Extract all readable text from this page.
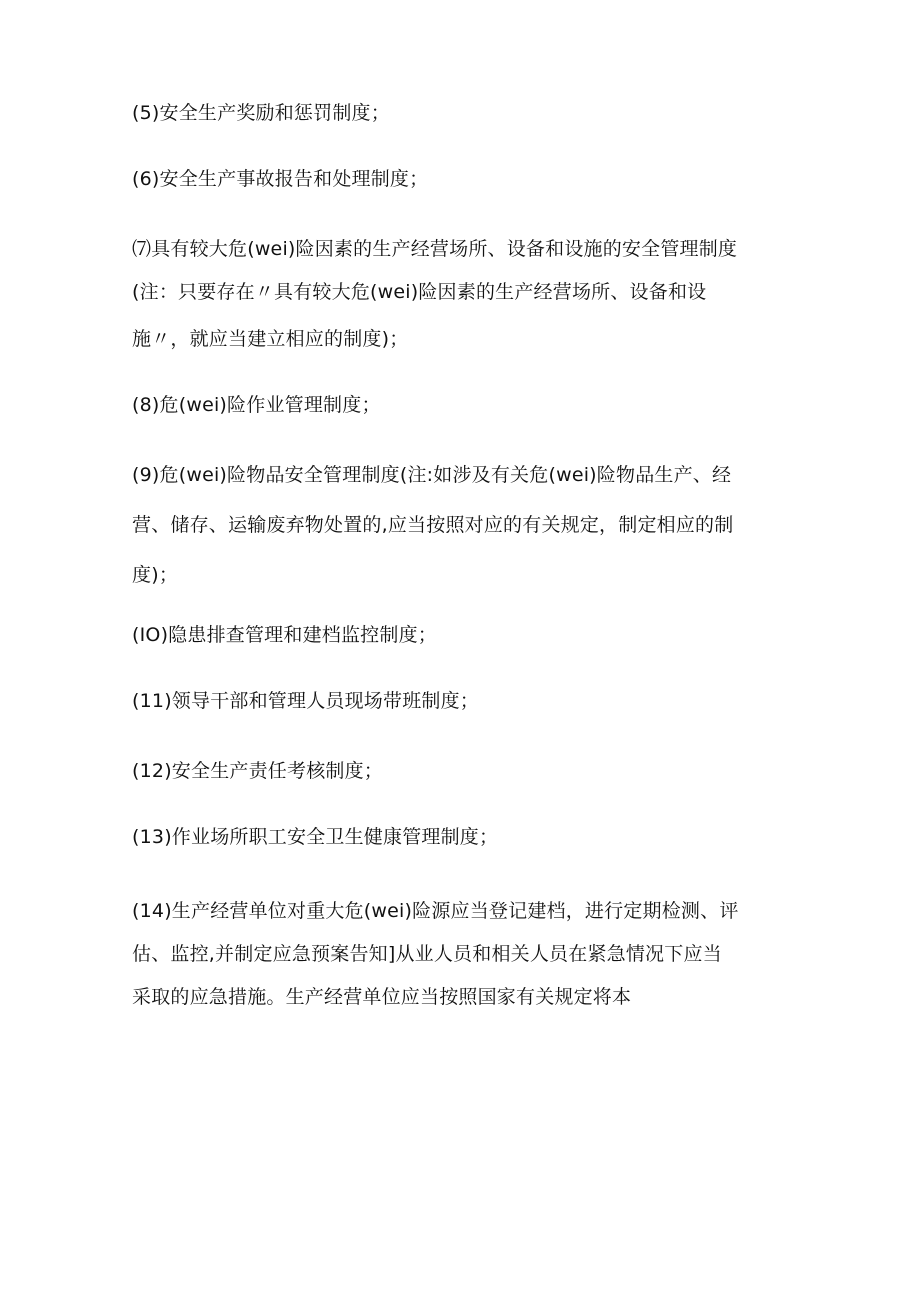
(5)安全生产奖励和惩罚制度；
(6)安全生产事故报告和处理制度；
⑺具有较大危(wei)险因素的生产经营场所、设备和设施的安全管理制度
(注：只要存在〃具有较大危(wei)险因素的生产经营场所、设备和设
施〃，就应当建立相应的制度)；
(8)危(wei)险作业管理制度；
(9)危(wei)险物品安全管理制度(注:如涉及有关危(wei)险物品生产、经
营、储存、运输废弃物处置的,应当按照对应的有关规定，制定相应的制
度)；
(IO)隐患排查管理和建档监控制度；
(11)领导干部和管理人员现场带班制度；
(12)安全生产责任考核制度；
(13)作业场所职工安全卫生健康管理制度；
(14)生产经营单位对重大危(wei)险源应当登记建档，进行定期检测、评
估、监控,并制定应急预案告知]从业人员和相关人员在紧急情况下应当
采取的应急措施。生产经营单位应当按照国家有关规定将本
